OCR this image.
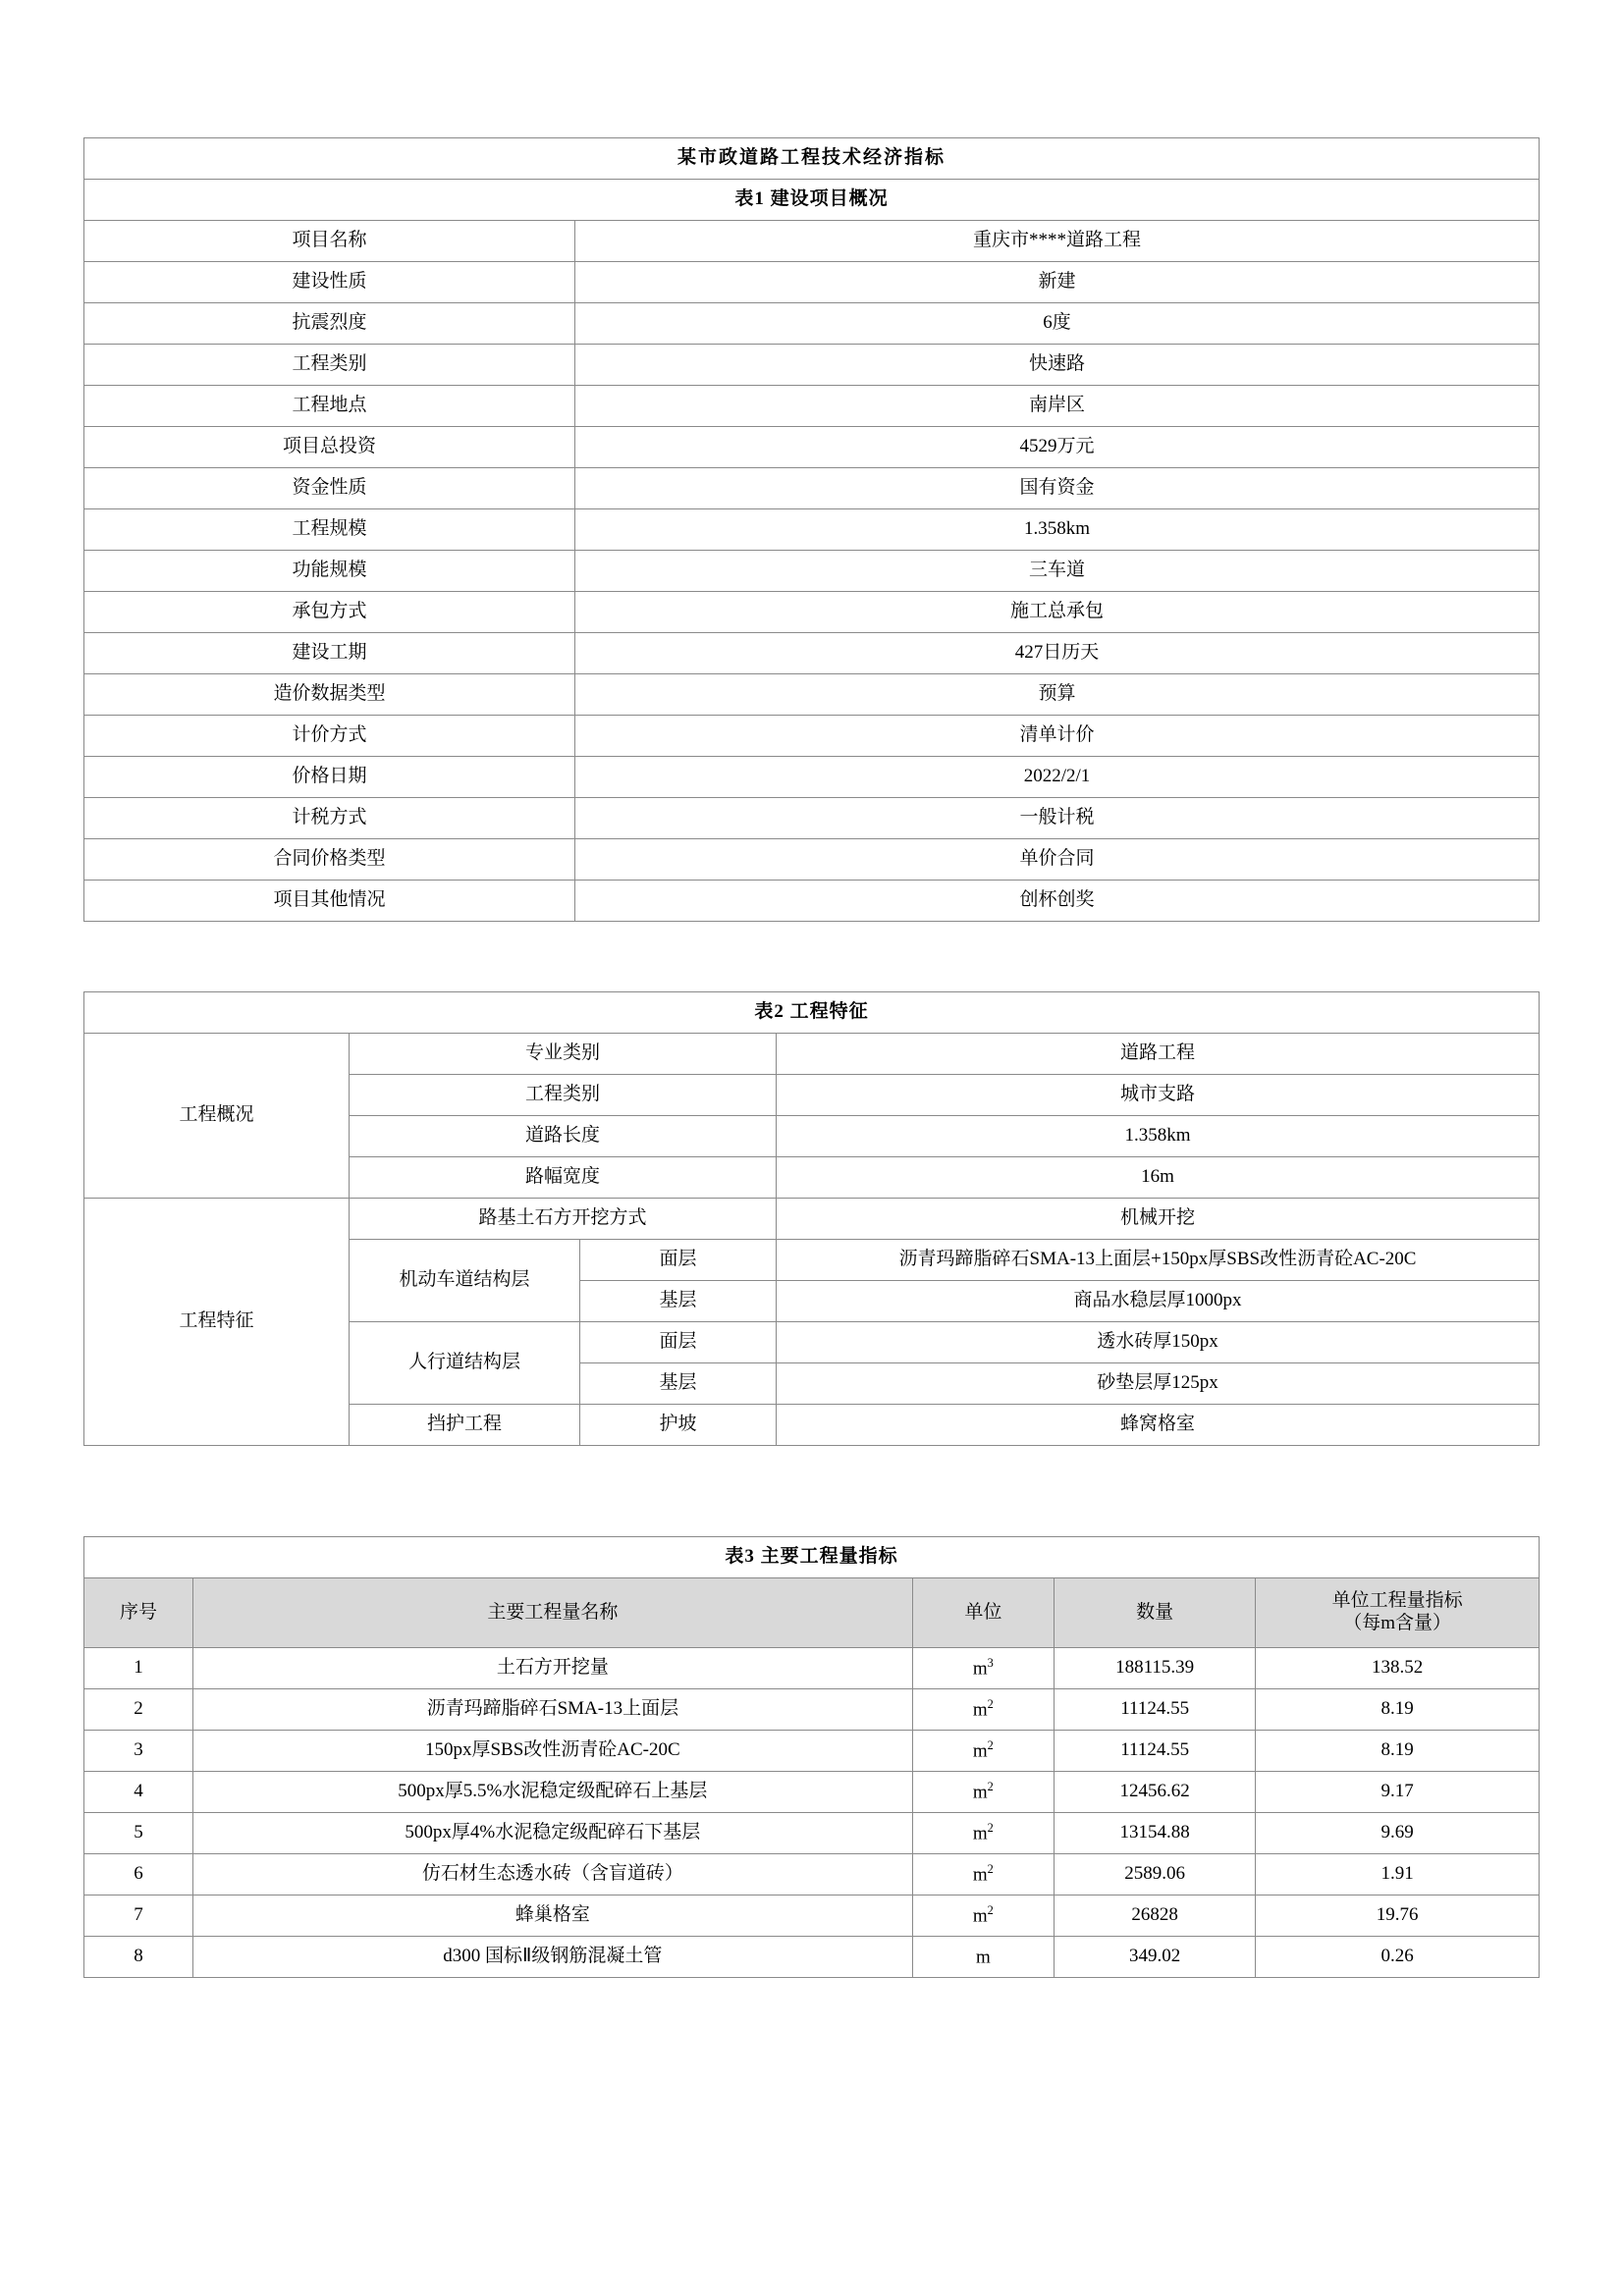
某市政道路工程技术经济指标	
表1 建设项目概况	
项目名称	重庆市****道路工程
建设性质	新建
抗震烈度	6度
工程类别	快速路
工程地点	南岸区
项目总投资	4529万元
资金性质	国有资金
工程规模	1.358km
功能规模	三车道
承包方式	施工总承包
建设工期	427日历天
造价数据类型	预算
计价方式	清单计价
价格日期	2022/2/1
计税方式	一般计税
合同价格类型	单价合同
项目其他情况	创杯创奖
表2 工程特征			
工程概况	专业类别		道路工程
	工程类别		城市支路
	道路长度		1.358km
	路幅宽度		16m
工程特征	路基土石方开挖方式		机械开挖
	机动车道结构层	面层	沥青玛蹄脂碎石SMA-13上面层+150px厚SBS改性沥青砼AC-20C
		基层	商品水稳层厚1000px
	人行道结构层	面层	透水砖厚150px
		基层	砂垫层厚125px
	挡护工程	护坡	蜂窝格室
表3 主要工程量指标				
序号	主要工程量名称	单位	数量	单位工程量指标
（每m含量）

1	土石方开挖量	$m^3$	188115.39	138.52
2	沥青玛蹄脂碎石SMA-13上面层	$m^2$	11124.55	8.19
3	150px厚SBS改性沥青砼AC-20C	$m^2$	11124.55	8.19
4	500px厚5.5%水泥稳定级配碎石上基层	$m^2$	12456.62	9.17
5	500px厚4%水泥稳定级配碎石下基层	$m^2$	13154.88	9.69
6	仿石材生态透水砖（含盲道砖）	$m^2$	2589.06	1.91
7	蜂巢格室	$m^2$	26828	19.76
8	d300 国标Ⅱ级钢筋混凝土管	m	349.02	0.26
